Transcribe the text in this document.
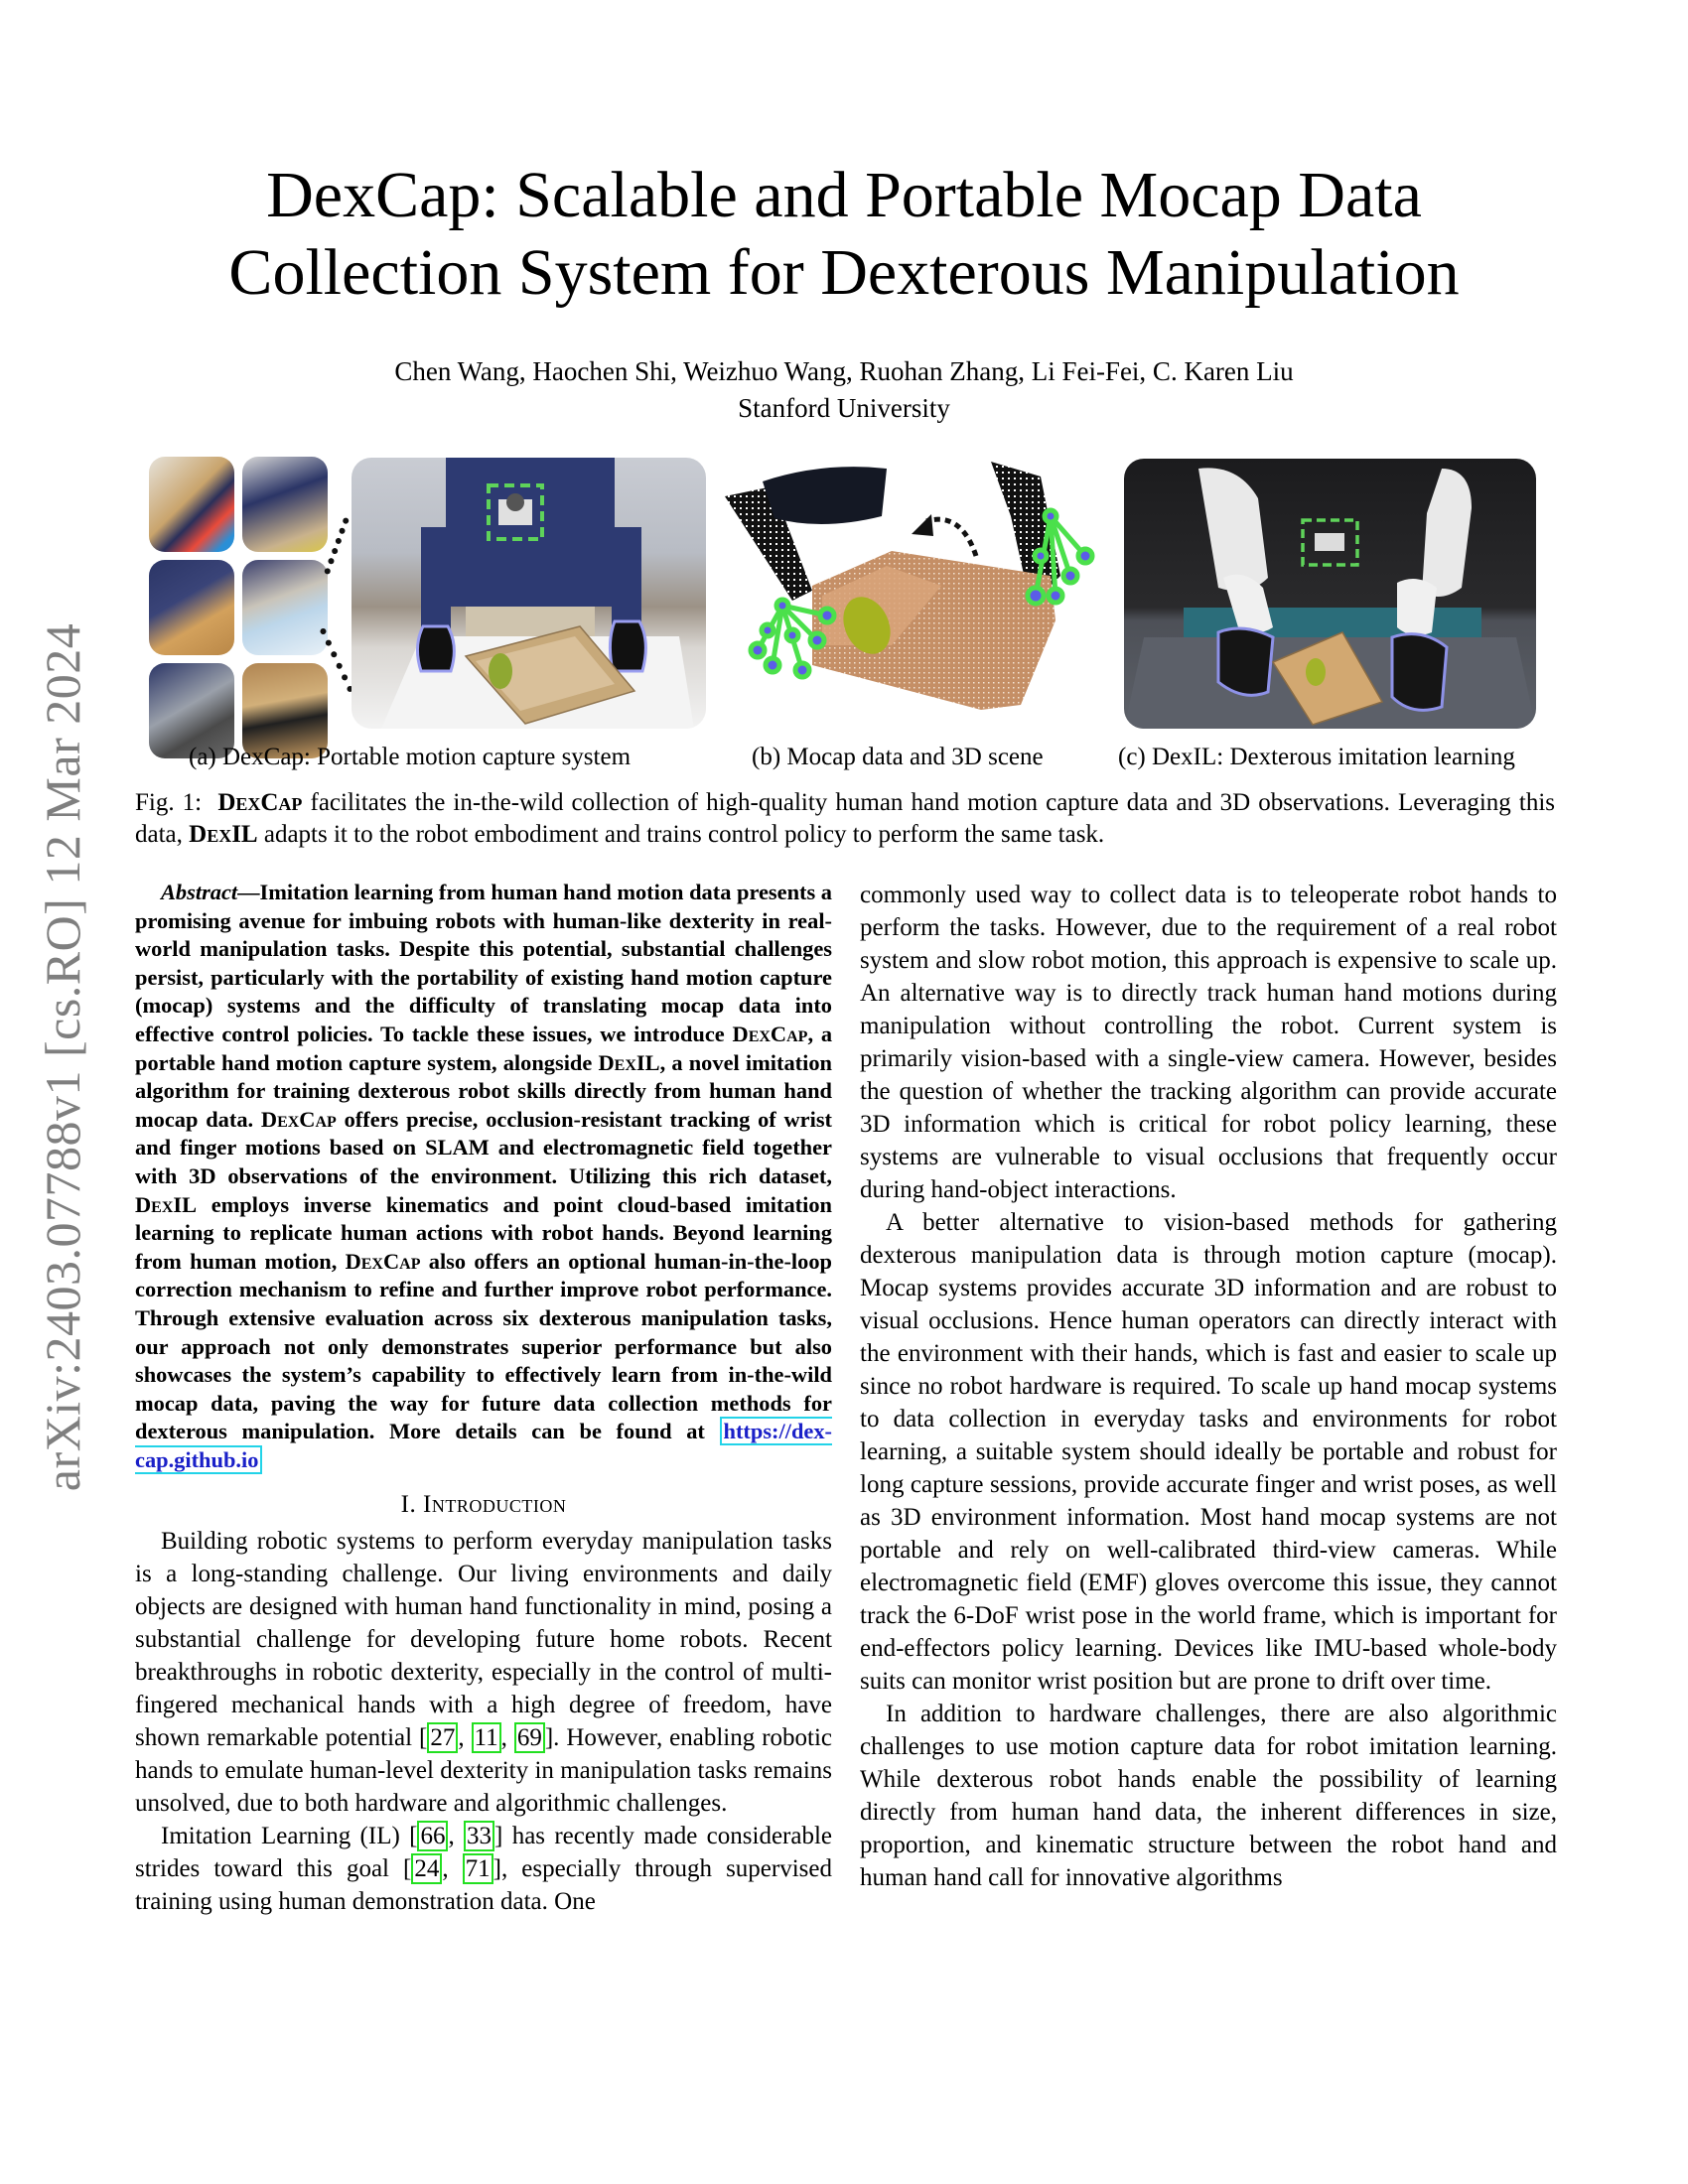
arXiv:2403.07788v1 [cs.RO] 12 Mar 2024
DexCap: Scalable and Portable Mocap Data
Collection System for Dexterous Manipulation
Chen Wang, Haochen Shi, Weizhuo Wang, Ruohan Zhang, Li Fei-Fei, C. Karen Liu
Stanford University
(a) DexCap: Portable motion capture system	(b) Mocap data and 3D scene	(c) DexIL: Dexterous imitation learning
Fig. 1: DexCap facilitates the in-the-wild collection of high-quality human hand motion capture data and 3D observations. Leveraging this data, DexIL adapts it to the robot embodiment and trains control policy to perform the same task.

Abstract—Imitation learning from human hand motion data presents a promising avenue for imbuing robots with human-like dexterity in real-world manipulation tasks. Despite this potential, substantial challenges persist, particularly with the portability of existing hand motion capture (mocap) systems and the difficulty of translating mocap data into effective control policies. To tackle these issues, we introduce DexCap, a portable hand motion capture system, alongside DexIL, a novel imitation algorithm for training dexterous robot skills directly from human hand mocap data. DexCap offers precise, occlusion-resistant tracking of wrist and finger motions based on SLAM and electromagnetic field together with 3D observations of the environment. Utilizing this rich dataset, DexIL employs inverse kinematics and point cloud-based imitation learning to replicate human actions with robot hands. Beyond learning from human motion, DexCap also offers an optional human-in-the-loop correction mechanism to refine and further improve robot performance. Through extensive evaluation across six dexterous manipulation tasks, our approach not only demonstrates superior performance but also showcases the system’s capability to effectively learn from in-the-wild mocap data, paving the way for future data collection methods for dexterous manipulation. More details can be found at https://dex-cap.github.io

I. Introduction

Building robotic systems to perform everyday manipulation tasks is a long-standing challenge. Our living environments and daily objects are designed with human hand functionality in mind, posing a substantial challenge for developing future home robots. Recent breakthroughs in robotic dexterity, especially in the control of multi-fingered mechanical hands with a high degree of freedom, have shown remarkable potential [ 27 , 11 , 69 ]. However, enabling robotic hands to emulate human-level dexterity in manipulation tasks remains unsolved, due to both hardware and algorithmic challenges.

Imitation Learning (IL) [ 66 , 33 ] has recently made considerable strides toward this goal [ 24 , 71 ], especially through supervised training using human demonstration data. One

commonly used way to collect data is to teleoperate robot hands to perform the tasks. However, due to the requirement of a real robot system and slow robot motion, this approach is expensive to scale up. An alternative way is to directly track human hand motions during manipulation without controlling the robot. Current system is primarily vision-based with a single-view camera. However, besides the question of whether the tracking algorithm can provide accurate 3D information which is critical for robot policy learning, these systems are vulnerable to visual occlusions that frequently occur during hand-object interactions.

A better alternative to vision-based methods for gathering dexterous manipulation data is through motion capture (mocap). Mocap systems provides accurate 3D information and are robust to visual occlusions. Hence human operators can directly interact with the environment with their hands, which is fast and easier to scale up since no robot hardware is required. To scale up hand mocap systems to data collection in everyday tasks and environments for robot learning, a suitable system should ideally be portable and robust for long capture sessions, provide accurate finger and wrist poses, as well as 3D environment information. Most hand mocap systems are not portable and rely on well-calibrated third-view cameras. While electromagnetic field (EMF) gloves overcome this issue, they cannot track the 6-DoF wrist pose in the world frame, which is important for end-effectors policy learning. Devices like IMU-based whole-body suits can monitor wrist position but are prone to drift over time.

In addition to hardware challenges, there are also algorithmic challenges to use motion capture data for robot imitation learning. While dexterous robot hands enable the possibility of learning directly from human hand data, the inherent differences in size, proportion, and kinematic structure between the robot hand and human hand call for innovative algorithms
